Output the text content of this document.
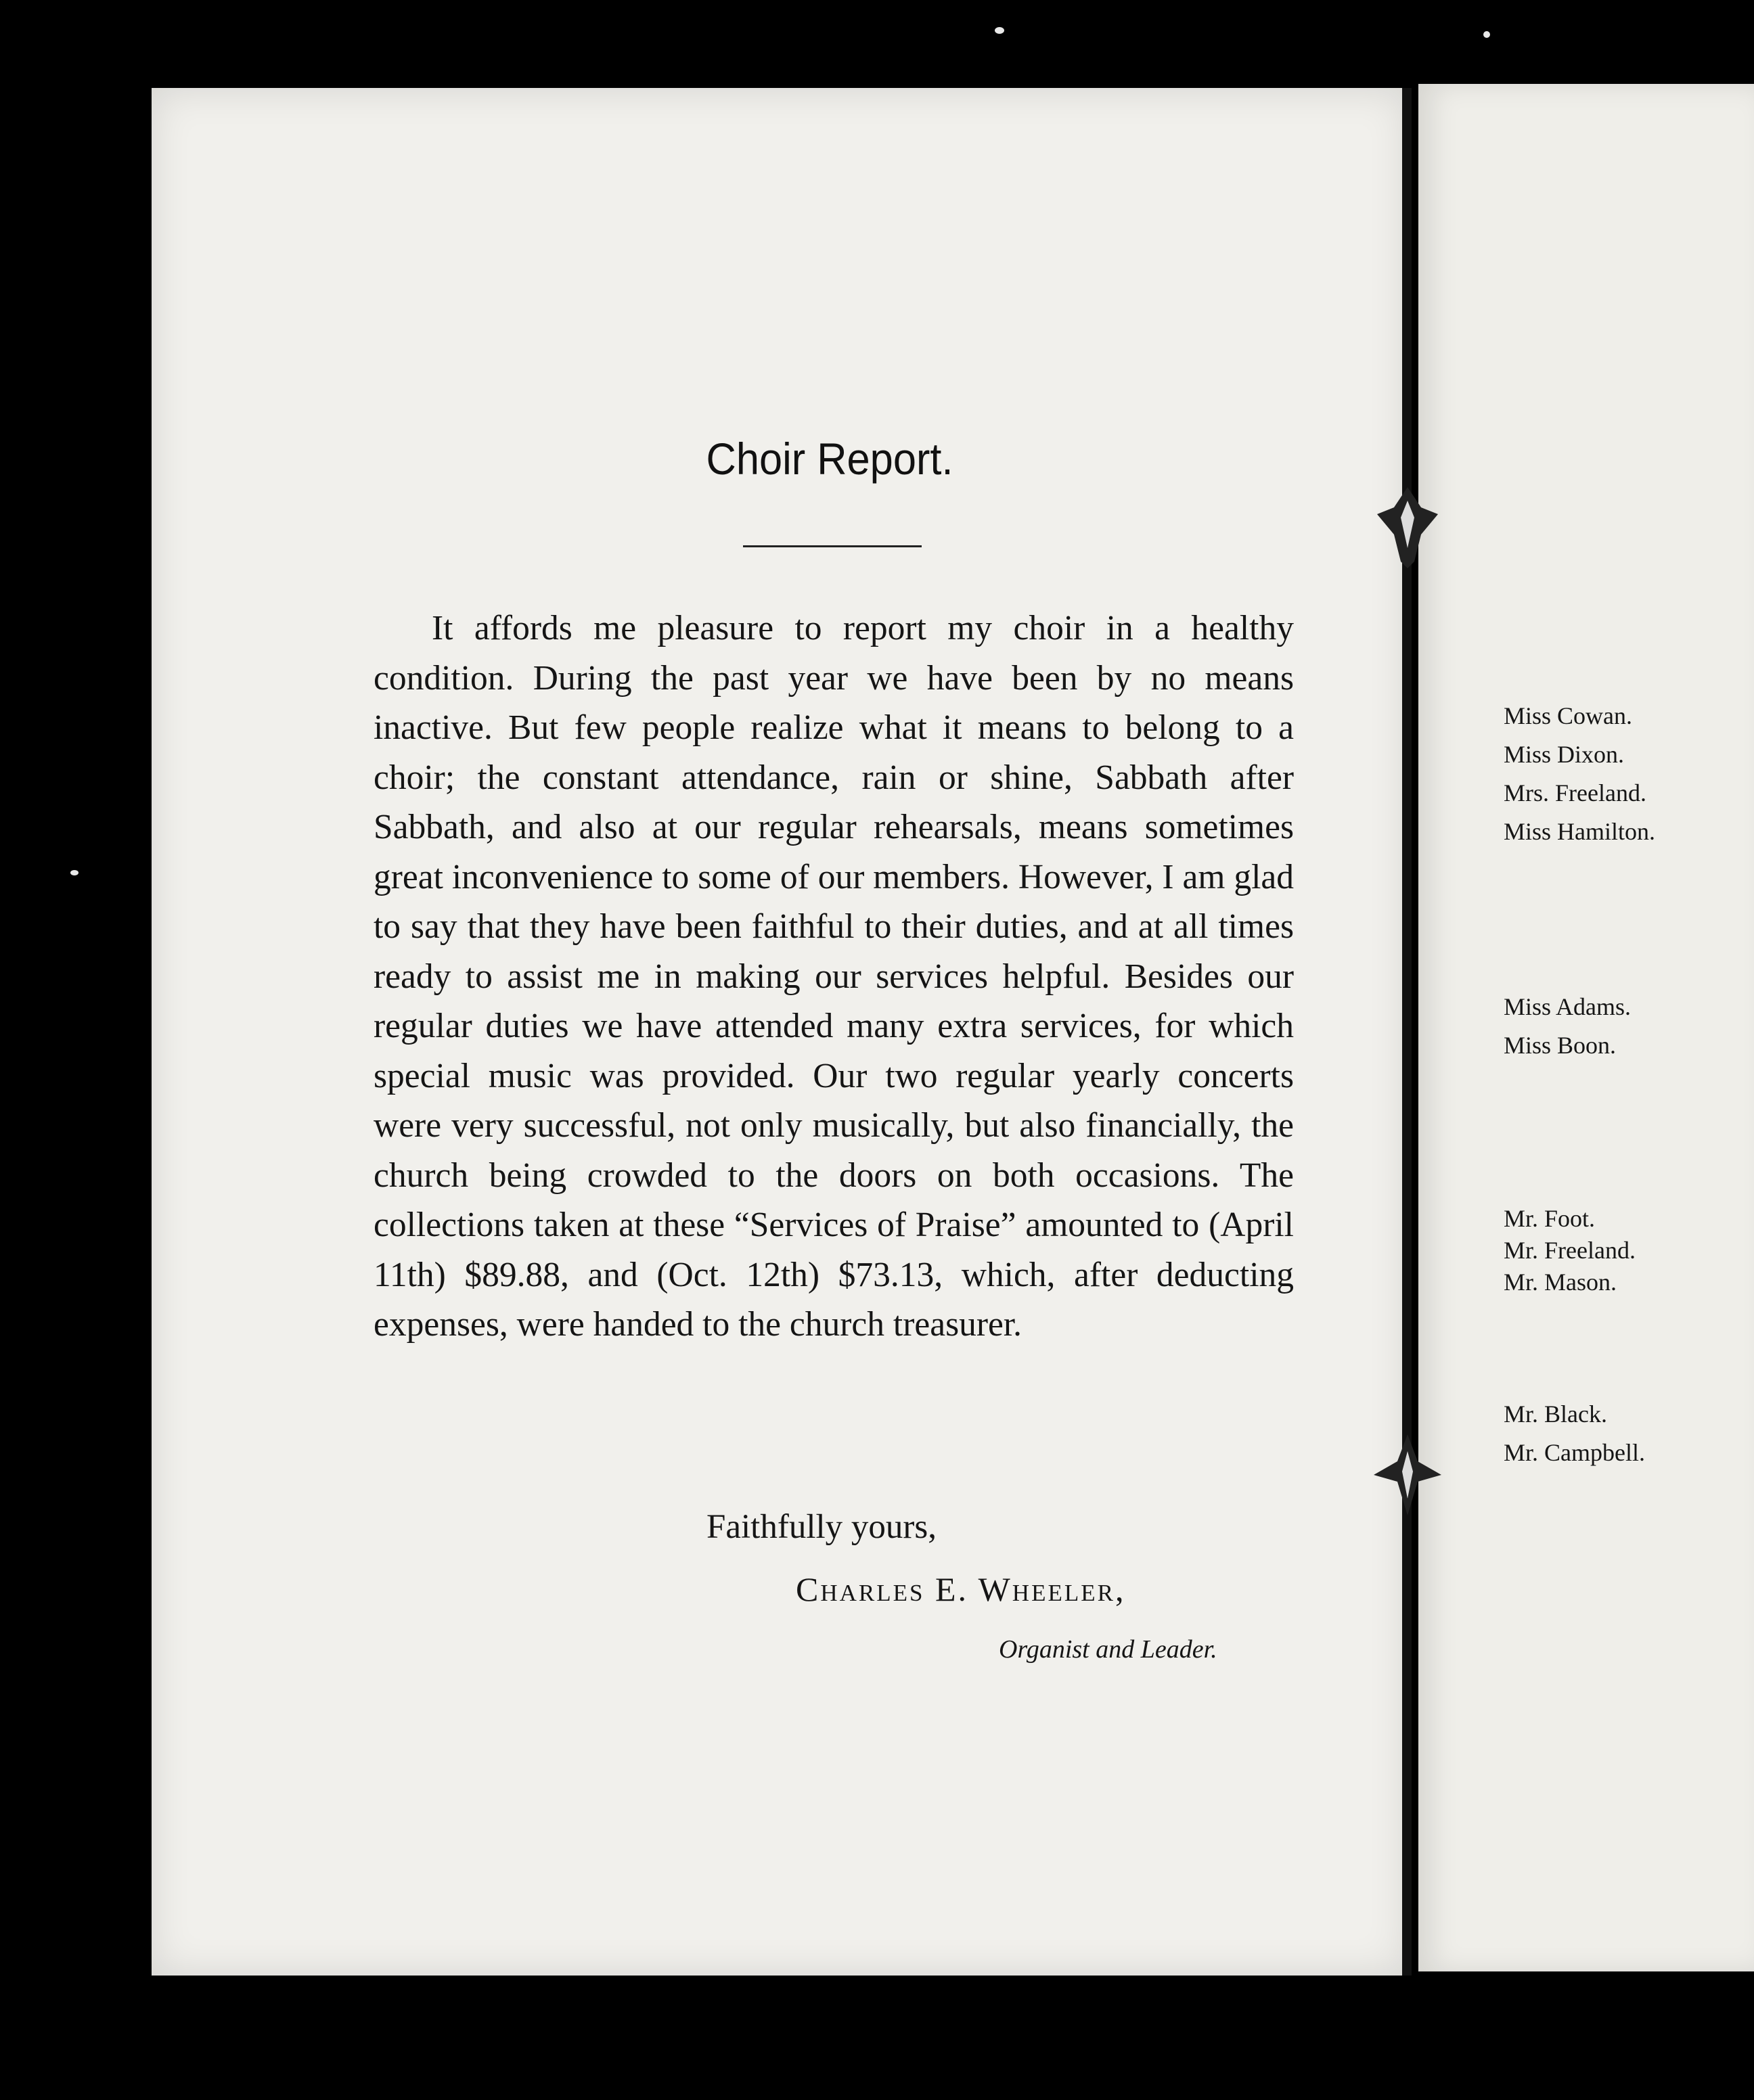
Choir Report.

It affords me pleasure to report my choir in a healthy condition. During the past year we have been by no means inactive. But few people realize what it means to belong to a choir; the constant attendance, rain or shine, Sabbath after Sabbath, and also at our regular rehearsals, means sometimes great inconvenience to some of our members. However, I am glad to say that they have been faithful to their duties, and at all times ready to assist me in making our services helpful. Besides our regular duties we have attended many extra services, for which special music was provided. Our two regular yearly concerts were very successful, not only musically, but also financially, the church being crowded to the doors on both occasions. The collections taken at these “Services of Praise” amounted to (April 11th) $89.88, and (Oct. 12th) $73.13, which, after deducting expenses, were handed to the church treasurer.

Faithfully yours,
Charles E. Wheeler,
Organist and Leader.
Miss Cowan.
Miss Dixon.
Mrs. Freeland.
Miss Hamilton.
Miss Adams.
Miss Boon.
Mr. Foot.
Mr. Freeland.
Mr. Mason.
Mr. Black.
Mr. Campbell.
